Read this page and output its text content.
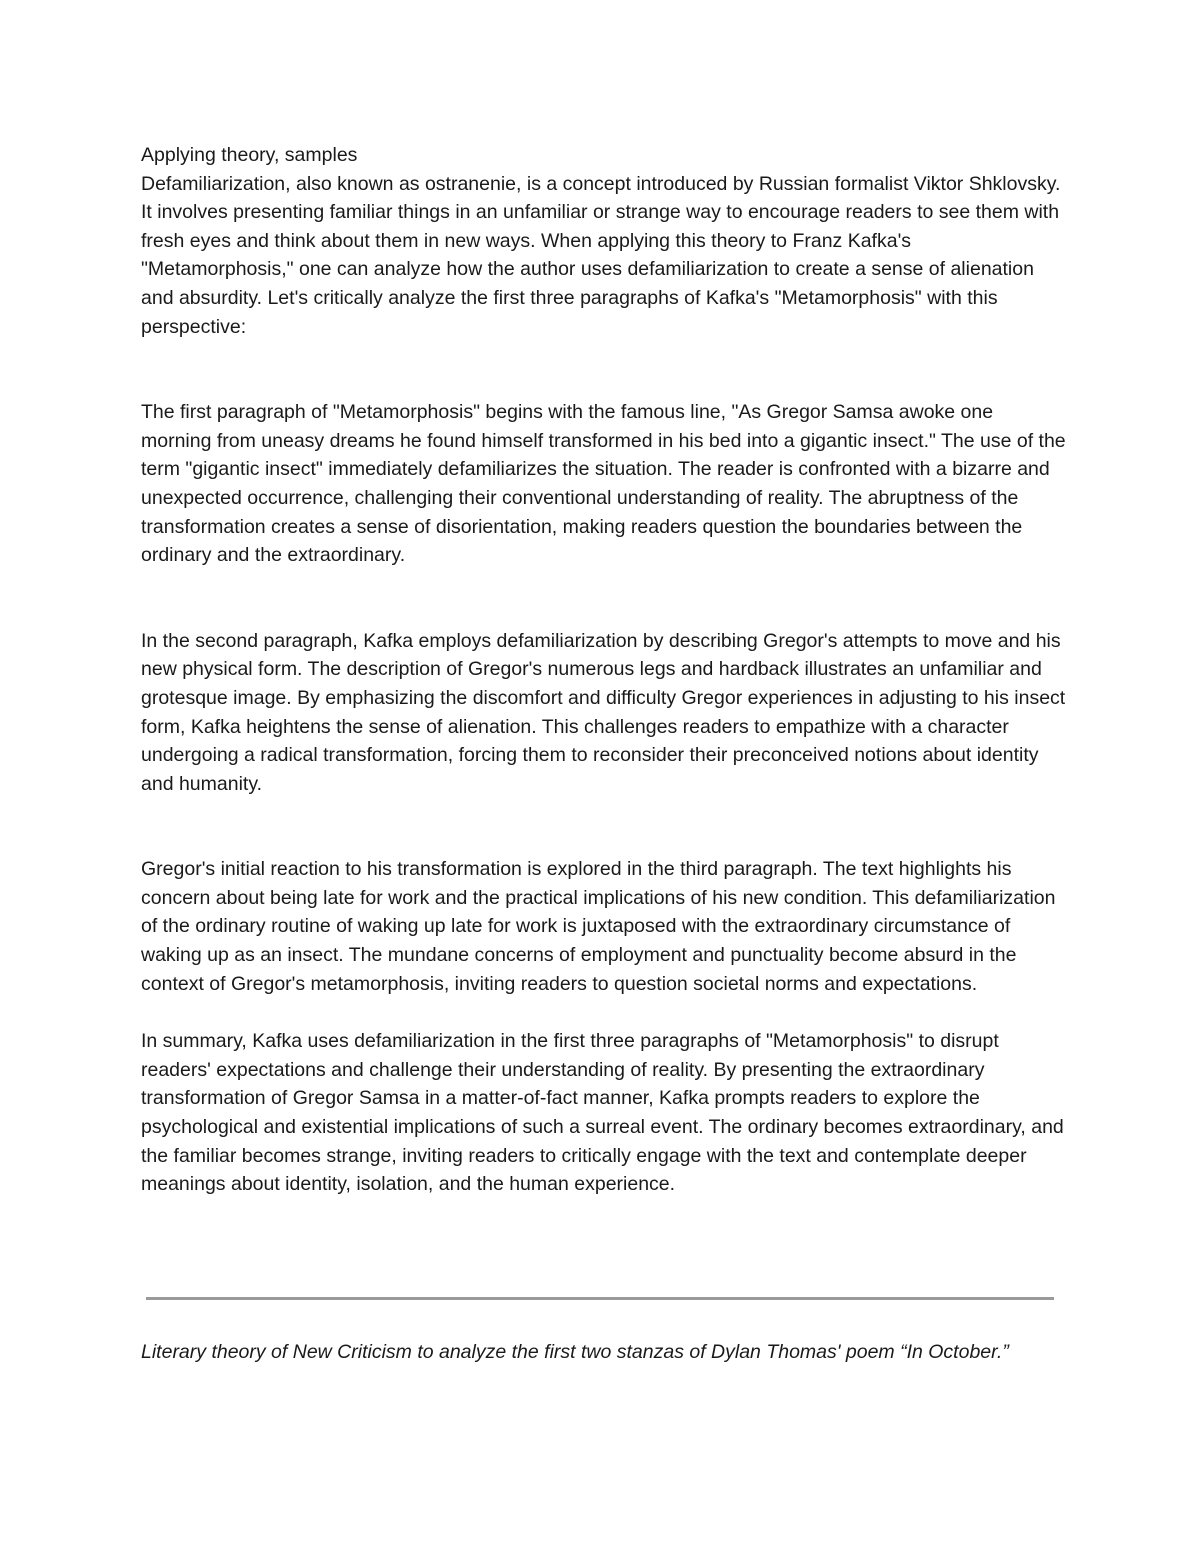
Applying theory, samples
Defamiliarization, also known as ostranenie, is a concept introduced by Russian formalist Viktor Shklovsky. It involves presenting familiar things in an unfamiliar or strange way to encourage readers to see them with fresh eyes and think about them in new ways. When applying this theory to Franz Kafka's "Metamorphosis," one can analyze how the author uses defamiliarization to create a sense of alienation and absurdity. Let's critically analyze the first three paragraphs of Kafka's "Metamorphosis" with this perspective:

The first paragraph of "Metamorphosis" begins with the famous line, "As Gregor Samsa awoke one morning from uneasy dreams he found himself transformed in his bed into a gigantic insect." The use of the term "gigantic insect" immediately defamiliarizes the situation. The reader is confronted with a bizarre and unexpected occurrence, challenging their conventional understanding of reality. The abruptness of the transformation creates a sense of disorientation, making readers question the boundaries between the ordinary and the extraordinary.

In the second paragraph, Kafka employs defamiliarization by describing Gregor's attempts to move and his new physical form. The description of Gregor's numerous legs and hardback illustrates an unfamiliar and grotesque image. By emphasizing the discomfort and difficulty Gregor experiences in adjusting to his insect form, Kafka heightens the sense of alienation. This challenges readers to empathize with a character undergoing a radical transformation, forcing them to reconsider their preconceived notions about identity and humanity.

Gregor's initial reaction to his transformation is explored in the third paragraph. The text highlights his concern about being late for work and the practical implications of his new condition. This defamiliarization of the ordinary routine of waking up late for work is juxtaposed with the extraordinary circumstance of waking up as an insect. The mundane concerns of employment and punctuality become absurd in the context of Gregor's metamorphosis, inviting readers to question societal norms and expectations.

In summary, Kafka uses defamiliarization in the first three paragraphs of "Metamorphosis" to disrupt readers' expectations and challenge their understanding of reality. By presenting the extraordinary transformation of Gregor Samsa in a matter-of-fact manner, Kafka prompts readers to explore the psychological and existential implications of such a surreal event. The ordinary becomes extraordinary, and the familiar becomes strange, inviting readers to critically engage with the text and contemplate deeper meanings about identity, isolation, and the human experience.

Literary theory of New Criticism to analyze the first two stanzas of Dylan Thomas' poem “In October.”
